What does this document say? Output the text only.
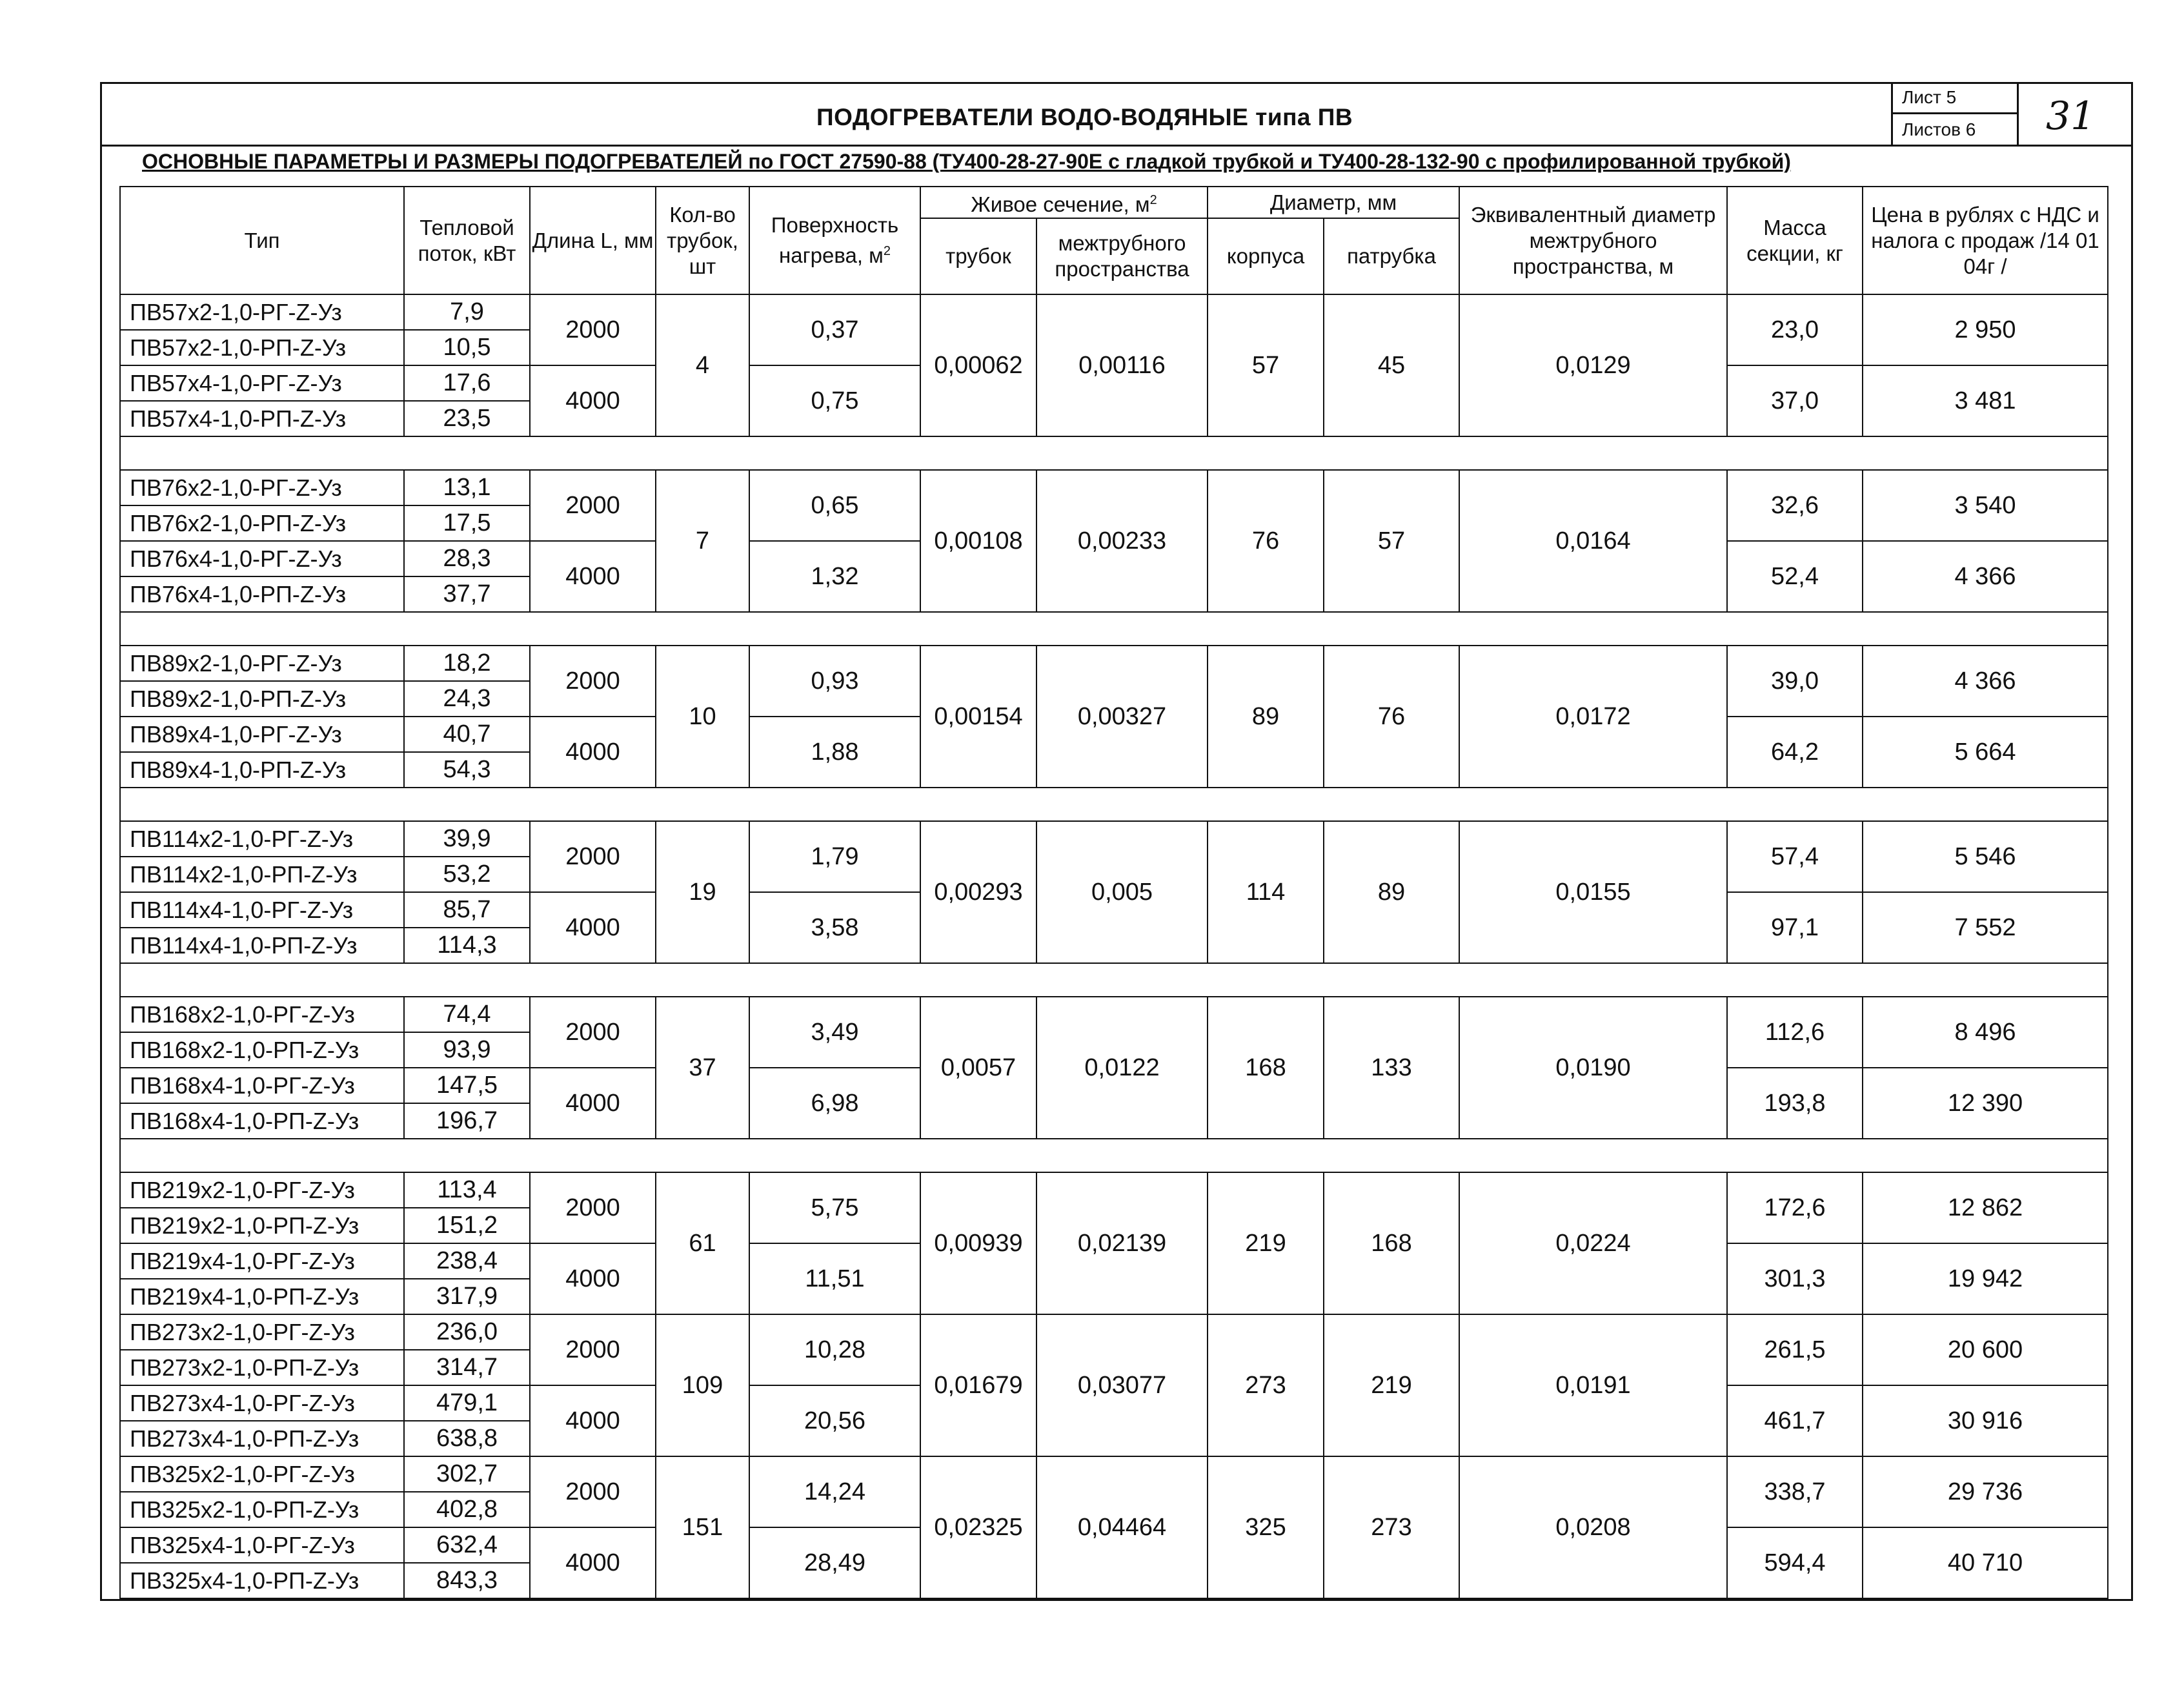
ПОДОГРЕВАТЕЛИ ВОДО-ВОДЯНЫЕ типа ПВ
Лист 5
Листов 6	31
ОСНОВНЫЕ ПАРАМЕТРЫ И РАЗМЕРЫ ПОДОГРЕВАТЕЛЕЙ по ГОСТ 27590-88 (ТУ400-28-27-90Е с гладкой трубкой и ТУ400-28-132-90 с профилированной трубкой)
Тип	Тепловой поток, кВт	Длина L, мм	Кол-во трубок, шт	Поверхность нагрева, $м^2$	Живое сечение, $м^2$		Диаметр, мм		Эквивалентный диаметр межтрубного пространства, м	Масса секции, кг	Цена в рублях с НДС и налога с продаж /14 01 04г /
					трубок	межтрубного пространства	корпуса	патрубка			
ПВ57x2-1,0-РГ-Z-Уз	7,9	2000	4	0,37	0,00062	0,00116	57	45	0,0129	23,0	2 950
ПВ57x2-1,0-РП-Z-Уз	10,5										
ПВ57x4-1,0-РГ-Z-Уз	17,6	4000		0,75						37,0	3 481
ПВ57x4-1,0-РП-Z-Уз	23,5										

ПВ76x2-1,0-РГ-Z-Уз	13,1	2000	7	0,65	0,00108	0,00233	76	57	0,0164	32,6	3 540
ПВ76x2-1,0-РП-Z-Уз	17,5										
ПВ76x4-1,0-РГ-Z-Уз	28,3	4000		1,32						52,4	4 366
ПВ76x4-1,0-РП-Z-Уз	37,7										

ПВ89x2-1,0-РГ-Z-Уз	18,2	2000	10	0,93	0,00154	0,00327	89	76	0,0172	39,0	4 366
ПВ89x2-1,0-РП-Z-Уз	24,3										
ПВ89x4-1,0-РГ-Z-Уз	40,7	4000		1,88						64,2	5 664
ПВ89x4-1,0-РП-Z-Уз	54,3										

ПВ114x2-1,0-РГ-Z-Уз	39,9	2000	19	1,79	0,00293	0,005	114	89	0,0155	57,4	5 546
ПВ114x2-1,0-РП-Z-Уз	53,2										
ПВ114x4-1,0-РГ-Z-Уз	85,7	4000		3,58						97,1	7 552
ПВ114x4-1,0-РП-Z-Уз	114,3										

ПВ168x2-1,0-РГ-Z-Уз	74,4	2000	37	3,49	0,0057	0,0122	168	133	0,0190	112,6	8 496
ПВ168x2-1,0-РП-Z-Уз	93,9										
ПВ168x4-1,0-РГ-Z-Уз	147,5	4000		6,98						193,8	12 390
ПВ168x4-1,0-РП-Z-Уз	196,7										

ПВ219x2-1,0-РГ-Z-Уз	113,4	2000	61	5,75	0,00939	0,02139	219	168	0,0224	172,6	12 862
ПВ219x2-1,0-РП-Z-Уз	151,2										
ПВ219x4-1,0-РГ-Z-Уз	238,4	4000		11,51						301,3	19 942
ПВ219x4-1,0-РП-Z-Уз	317,9										
ПВ273x2-1,0-РГ-Z-Уз	236,0	2000	109	10,28	0,01679	0,03077	273	219	0,0191	261,5	20 600
ПВ273x2-1,0-РП-Z-Уз	314,7										
ПВ273x4-1,0-РГ-Z-Уз	479,1	4000		20,56						461,7	30 916
ПВ273x4-1,0-РП-Z-Уз	638,8										
ПВ325x2-1,0-РГ-Z-Уз	302,7	2000	151	14,24	0,02325	0,04464	325	273	0,0208	338,7	29 736
ПВ325x2-1,0-РП-Z-Уз	402,8										
ПВ325x4-1,0-РГ-Z-Уз	632,4	4000		28,49						594,4	40 710
ПВ325x4-1,0-РП-Z-Уз	843,3										
